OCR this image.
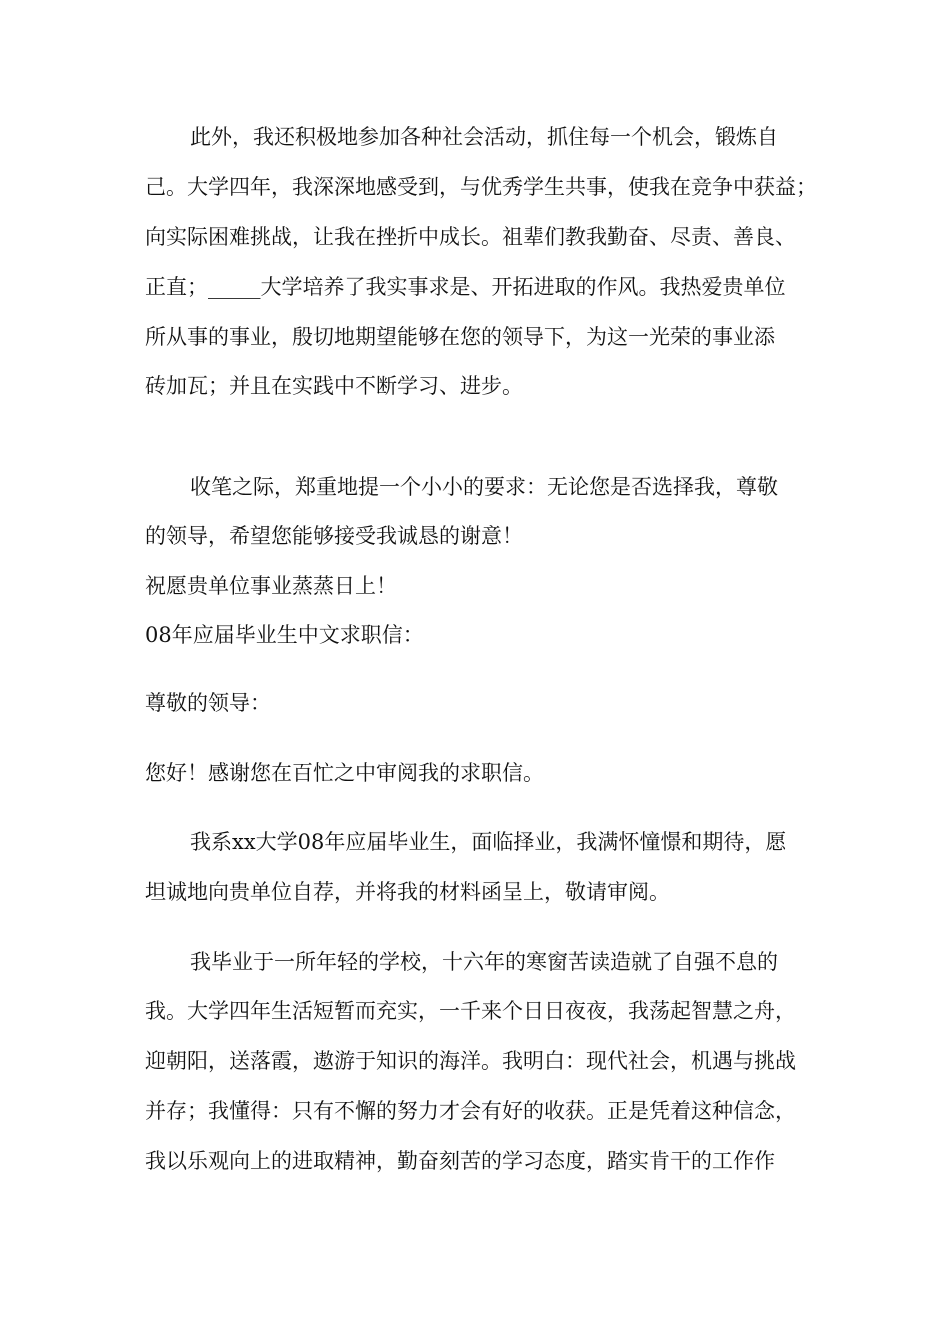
此外，我还积极地参加各种社会活动，抓住每一个机会，锻炼自
己。大学四年，我深深地感受到，与优秀学生共事，使我在竞争中获益；
向实际困难挑战，让我在挫折中成长。祖辈们教我勤奋、尽责、善良、
正直；_____大学培养了我实事求是、开拓进取的作风。我热爱贵单位
所从事的事业，殷切地期望能够在您的领导下，为这一光荣的事业添
砖加瓦；并且在实践中不断学习、进步。
收笔之际，郑重地提一个小小的要求：无论您是否选择我，尊敬
的领导，希望您能够接受我诚恳的谢意！
祝愿贵单位事业蒸蒸日上！
08年应届毕业生中文求职信：
尊敬的领导：
您好！感谢您在百忙之中审阅我的求职信。
我系xx大学08年应届毕业生，面临择业，我满怀憧憬和期待，愿
坦诚地向贵单位自荐，并将我的材料函呈上，敬请审阅。
我毕业于一所年轻的学校，十六年的寒窗苦读造就了自强不息的
我。大学四年生活短暂而充实，一千来个日日夜夜，我荡起智慧之舟，
迎朝阳，送落霞，遨游于知识的海洋。我明白：现代社会，机遇与挑战
并存；我懂得：只有不懈的努力才会有好的收获。正是凭着这种信念，
我以乐观向上的进取精神，勤奋刻苦的学习态度，踏实肯干的工作作
